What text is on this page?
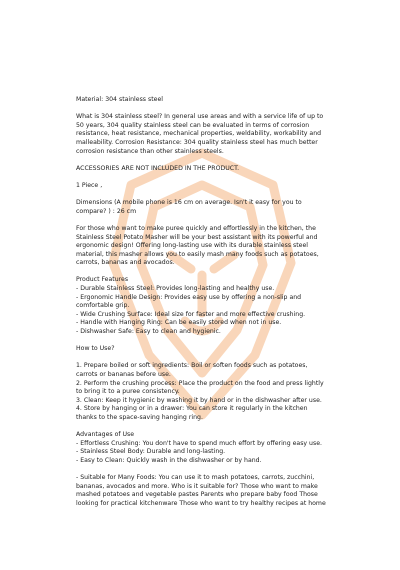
Material: 304 stainless steel

What is 304 stainless steel? In general use areas and with a service life of up to 50 years, 304 quality stainless steel can be evaluated in terms of corrosion resistance, heat resistance, mechanical properties, weldability, workability and malleability. Corrosion Resistance: 304 quality stainless steel has much better corrosion resistance than other stainless steels.

ACCESSORIES ARE NOT INCLUDED IN THE PRODUCT.

1 Piece ,

Dimensions (A mobile phone is 16 cm on average. Isn't it easy for you to compare? ) : 26 cm

For those who want to make puree quickly and effortlessly in the kitchen, the Stainless Steel Potato Masher will be your best assistant with its powerful and ergonomic design! Offering long-lasting use with its durable stainless steel material, this masher allows you to easily mash many foods such as potatoes, carrots, bananas and avocados.

Product Features
- Durable Stainless Steel: Provides long-lasting and healthy use.
- Ergonomic Handle Design: Provides easy use by offering a non-slip and comfortable grip.
- Wide Crushing Surface: Ideal size for faster and more effective crushing.
- Handle with Hanging Ring: Can be easily stored when not in use.
- Dishwasher Safe: Easy to clean and hygienic.

How to Use?

1. Prepare boiled or soft ingredients: Boil or soften foods such as potatoes, carrots or bananas before use.
2. Perform the crushing process: Place the product on the food and press lightly to bring it to a puree consistency.
3. Clean: Keep it hygienic by washing it by hand or in the dishwasher after use.
4. Store by hanging or in a drawer: You can store it regularly in the kitchen thanks to the space-saving hanging ring.
Advantages of Use
- Effortless Crushing: You don't have to spend much effort by offering easy use.
- Stainless Steel Body: Durable and long-lasting.
- Easy to Clean: Quickly wash in the dishwasher or by hand.

- Suitable for Many Foods: You can use it to mash potatoes, carrots, zucchini, bananas, avocados and more. Who is it suitable for? Those who want to make mashed potatoes and vegetable pastes Parents who prepare baby food Those looking for practical kitchenware Those who want to try healthy recipes at home
